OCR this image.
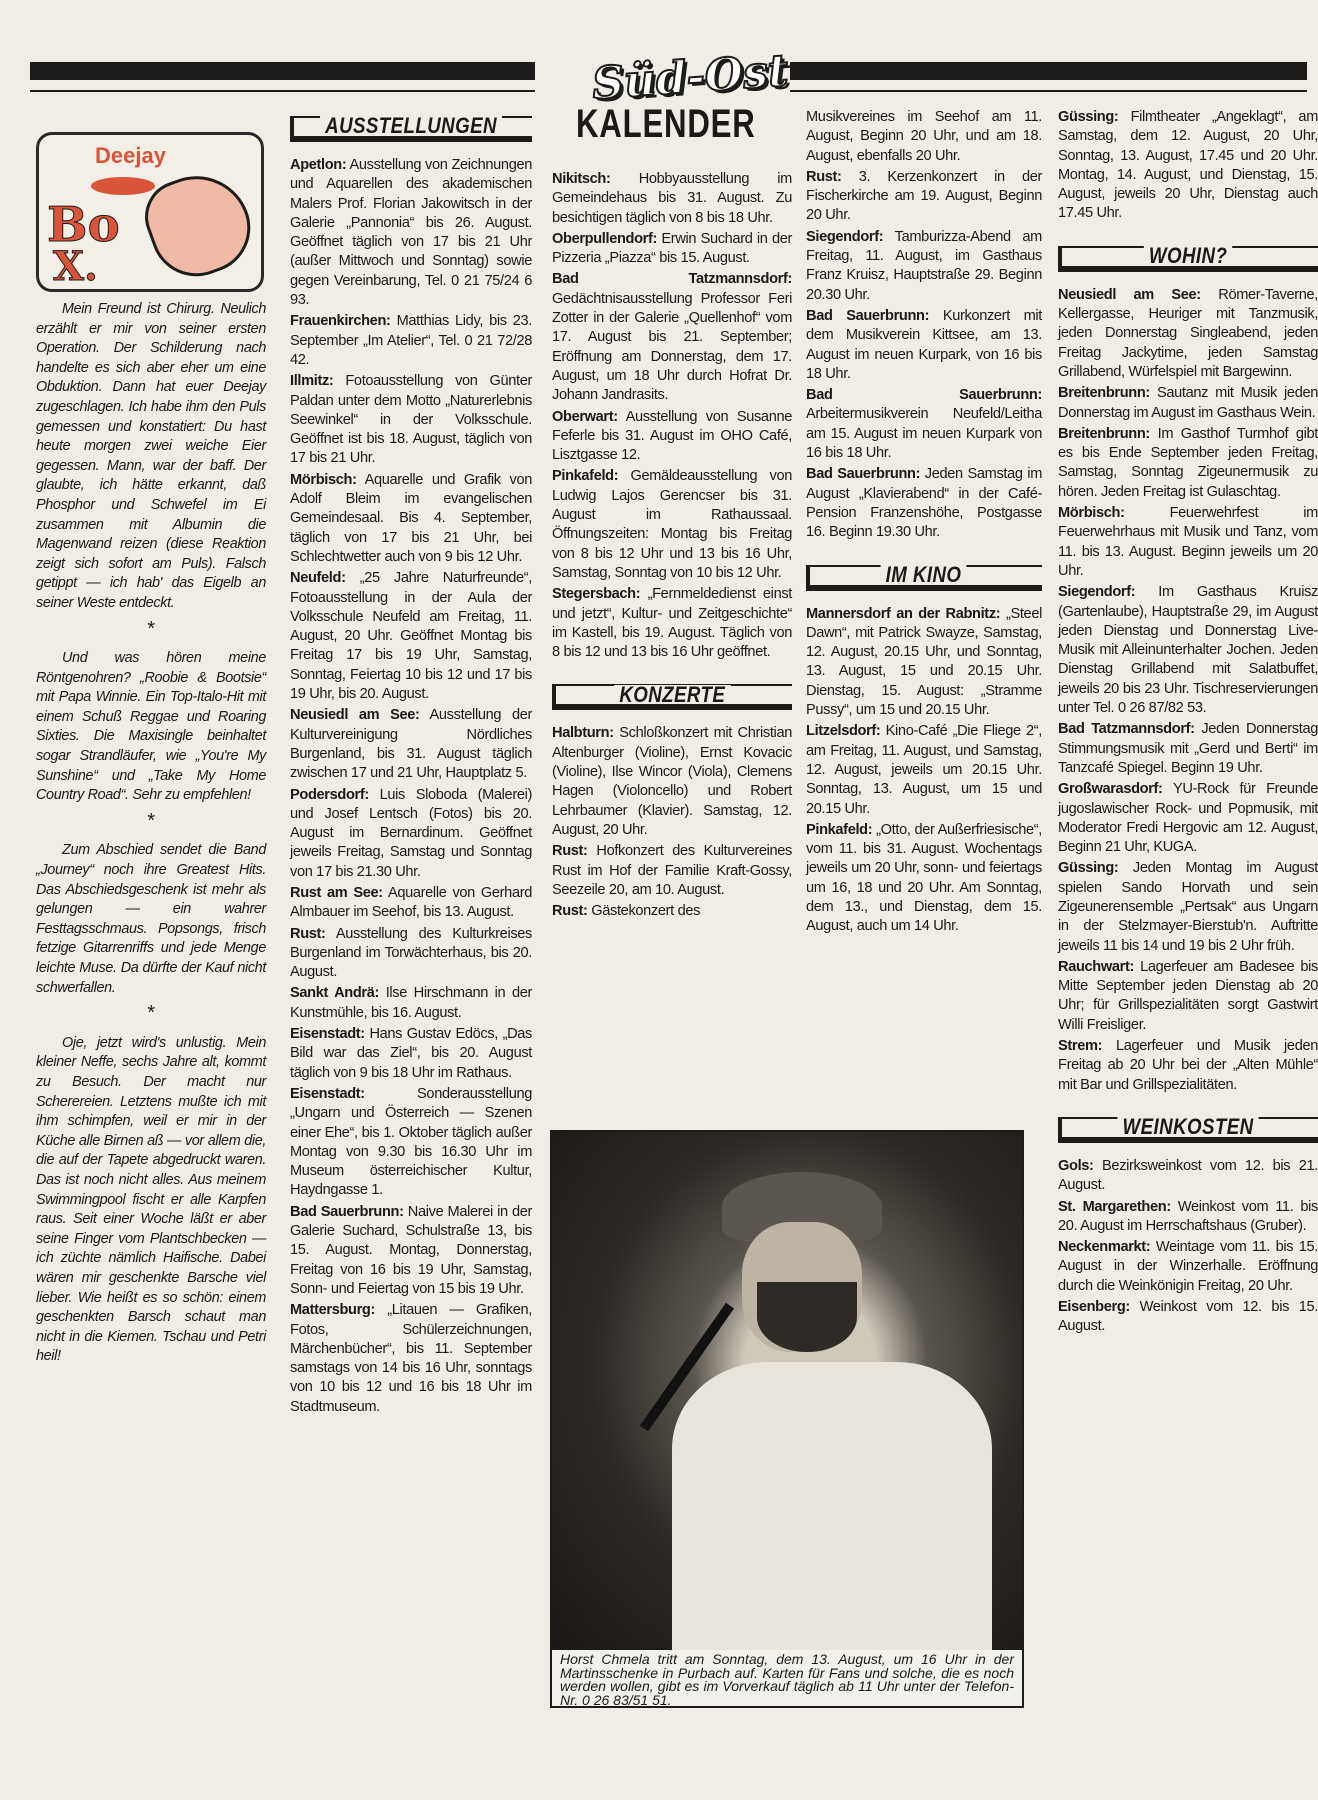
Süd-Ost
KALENDER
Deejay
Bo
X.

Mein Freund ist Chirurg. Neulich erzählt er mir von seiner ersten Operation. Der Schilderung nach handelte es sich aber eher um eine Obduktion. Dann hat euer Deejay zugeschlagen. Ich habe ihm den Puls gemessen und konstatiert: Du hast heute morgen zwei weiche Eier gegessen. Mann, war der baff. Der glaubte, ich hätte erkannt, daß Phosphor und Schwefel im Ei zusammen mit Albumin die Magenwand reizen (diese Reaktion zeigt sich sofort am Puls). Falsch getippt — ich hab' das Eigelb an seiner Weste entdeckt.

*

Und was hören meine Röntgenohren? „Roobie & Bootsie“ mit Papa Winnie. Ein Top-Italo-Hit mit einem Schuß Reggae und Roaring Sixties. Die Maxisingle beinhaltet sogar Strandläufer, wie „You're My Sunshine“ und „Take My Home Country Road“. Sehr zu empfehlen!

*

Zum Abschied sendet die Band „Journey“ noch ihre Greatest Hits. Das Abschiedsgeschenk ist mehr als gelungen — ein wahrer Festtagsschmaus. Popsongs, frisch fetzige Gitarrenriffs und jede Menge leichte Muse. Da dürfte der Kauf nicht schwerfallen.

*

Oje, jetzt wird's unlustig. Mein kleiner Neffe, sechs Jahre alt, kommt zu Besuch. Der macht nur Scherereien. Letztens mußte ich mit ihm schimpfen, weil er mir in der Küche alle Birnen aß — vor allem die, die auf der Tapete abgedruckt waren. Das ist noch nicht alles. Aus meinem Swimmingpool fischt er alle Karpfen raus. Seit einer Woche läßt er aber seine Finger vom Plantschbecken — ich züchte nämlich Haifische. Dabei wären mir geschenkte Barsche viel lieber. Wie heißt es so schön: einem geschenkten Barsch schaut man nicht in die Kiemen. Tschau und Petri heil!

AUSSTELLUNGEN

Apetlon: Ausstellung von Zeichnungen und Aquarellen des akademischen Malers Prof. Florian Jakowitsch in der Galerie „Pannonia“ bis 26. August. Geöffnet täglich von 17 bis 21 Uhr (außer Mittwoch und Sonntag) sowie gegen Vereinbarung, Tel. 0 21 75/24 6 93.

Frauenkirchen: Matthias Lidy, bis 23. September „Im Atelier“, Tel. 0 21 72/28 42.

Illmitz: Fotoausstellung von Günter Paldan unter dem Motto „Naturerlebnis Seewinkel“ in der Volksschule. Geöffnet ist bis 18. August, täglich von 17 bis 21 Uhr.

Mörbisch: Aquarelle und Grafik von Adolf Bleim im evangelischen Gemeindesaal. Bis 4. September, täglich von 17 bis 21 Uhr, bei Schlechtwetter auch von 9 bis 12 Uhr.

Neufeld: „25 Jahre Naturfreunde“, Fotoausstellung in der Aula der Volksschule Neufeld am Freitag, 11. August, 20 Uhr. Geöffnet Montag bis Freitag 17 bis 19 Uhr, Samstag, Sonntag, Feiertag 10 bis 12 und 17 bis 19 Uhr, bis 20. August.

Neusiedl am See: Ausstellung der Kulturvereinigung Nördliches Burgenland, bis 31. August täglich zwischen 17 und 21 Uhr, Hauptplatz 5.

Podersdorf: Luis Sloboda (Malerei) und Josef Lentsch (Fotos) bis 20. August im Bernardinum. Geöffnet jeweils Freitag, Samstag und Sonntag von 17 bis 21.30 Uhr.

Rust am See: Aquarelle von Gerhard Almbauer im Seehof, bis 13. August.

Rust: Ausstellung des Kulturkreises Burgenland im Torwächterhaus, bis 20. August.

Sankt Andrä: Ilse Hirschmann in der Kunstmühle, bis 16. August.

Eisenstadt: Hans Gustav Edöcs, „Das Bild war das Ziel“, bis 20. August täglich von 9 bis 18 Uhr im Rathaus.

Eisenstadt:	Sonderausstellung „Ungarn und Österreich — Szenen einer Ehe“, bis 1. Oktober täglich außer Montag von 9.30 bis 16.30 Uhr im Museum österreichischer Kultur, Haydngasse 1.

Bad Sauerbrunn: Naive Malerei in der Galerie Suchard, Schulstraße 13, bis 15. August. Montag, Donnerstag, Freitag von 16 bis 19 Uhr, Samstag, Sonn- und Feiertag von 15 bis 19 Uhr.

Mattersburg: „Litauen — Grafiken, Fotos, Schülerzeichnungen, Märchenbücher“, bis 11. September samstags von 14 bis 16 Uhr, sonntags von 10 bis 12 und 16 bis 18 Uhr im Stadtmuseum.

Nikitsch: Hobbyausstellung im Gemeindehaus bis 31. August. Zu besichtigen täglich von 8 bis 18 Uhr.

Oberpullendorf: Erwin Suchard in der Pizzeria „Piazza“ bis 15. August.

Bad Tatzmannsdorf: Gedächtnisausstellung Professor Feri Zotter in der Galerie „Quellenhof“ vom 17. August bis 21. September; Eröffnung am Donnerstag, dem 17. August, um 18 Uhr durch Hofrat Dr. Johann Jandrasits.

Oberwart: Ausstellung von Susanne Feferle bis 31. August im OHO Café, Lisztgasse 12.

Pinkafeld: Gemäldeausstellung von Ludwig Lajos Gerencser bis 31. August im Rathaussaal. Öffnungszeiten: Montag bis Freitag von 8 bis 12 Uhr und 13 bis 16 Uhr, Samstag, Sonntag von 10 bis 12 Uhr.

Stegersbach: „Fernmeldedienst einst und jetzt“, Kultur- und Zeitgeschichte“ im Kastell, bis 19. August. Täglich von 8 bis 12 und 13 bis 16 Uhr geöffnet.

KONZERTE

Halbturn: Schloßkonzert mit Christian Altenburger (Violine), Ernst Kovacic (Violine), Ilse Wincor (Viola), Clemens Hagen (Violoncello) und Robert Lehrbaumer (Klavier). Samstag, 12. August, 20 Uhr.

Rust: Hofkonzert des Kulturvereines Rust im Hof der Familie Kraft-Gossy, Seezeile 20, am 10. August.

Rust: Gästekonzert des

Musikvereines im Seehof am 11. August, Beginn 20 Uhr, und am 18. August, ebenfalls 20 Uhr.

Rust: 3. Kerzenkonzert in der Fischerkirche am 19. August, Beginn 20 Uhr.

Siegendorf: Tamburizza-Abend am Freitag, 11. August, im Gasthaus Franz Kruisz, Hauptstraße 29. Beginn 20.30 Uhr.

Bad Sauerbrunn: Kurkonzert mit dem Musikverein Kittsee, am 13. August im neuen Kurpark, von 16 bis 18 Uhr.

Bad Sauerbrunn: Arbeitermusikverein Neufeld/Leitha am 15. August im neuen Kurpark von 16 bis 18 Uhr.

Bad Sauerbrunn: Jeden Samstag im August „Klavierabend“ in der Café-Pension Franzenshöhe, Postgasse 16. Beginn 19.30 Uhr.

IM KINO

Mannersdorf an der Rabnitz: „Steel Dawn“, mit Patrick Swayze, Samstag, 12. August, 20.15 Uhr, und Sonntag, 13. August, 15 und 20.15 Uhr. Dienstag, 15. August: „Stramme Pussy“, um 15 und 20.15 Uhr.

Litzelsdorf: Kino-Café „Die Fliege 2“, am Freitag, 11. August, und Samstag, 12. August, jeweils um 20.15 Uhr. Sonntag, 13. August, um 15 und 20.15 Uhr.

Pinkafeld: „Otto, der Außerfriesische“, vom 11. bis 31. August. Wochentags jeweils um 20 Uhr, sonn- und feiertags um 16, 18 und 20 Uhr. Am Sonntag, dem 13., und Dienstag, dem 15. August, auch um 14 Uhr.

Güssing: Filmtheater „Angeklagt“, am Samstag, dem 12. August, 20 Uhr, Sonntag, 13. August, 17.45 und 20 Uhr. Montag, 14. August, und Dienstag, 15. August, jeweils 20 Uhr, Dienstag auch 17.45 Uhr.

WOHIN?

Neusiedl am See: Römer-Taverne, Kellergasse, Heuriger mit Tanzmusik, jeden Donnerstag Singleabend, jeden Freitag Jackytime, jeden Samstag Grillabend, Würfelspiel mit Bargewinn.

Breitenbrunn: Sautanz mit Musik jeden Donnerstag im August im Gasthaus Wein.

Breitenbrunn: Im Gasthof Turmhof gibt es bis Ende September jeden Freitag, Samstag, Sonntag Zigeunermusik zu hören. Jeden Freitag ist Gulaschtag.

Mörbisch:	Feuerwehrfest im Feuerwehrhaus mit Musik und Tanz, vom 11. bis 13. August. Beginn jeweils um 20 Uhr.

Siegendorf: Im Gasthaus Kruisz (Gartenlaube), Hauptstraße 29, im August jeden Dienstag und Donnerstag Live-Musik mit Alleinunterhalter Jochen. Jeden Dienstag Grillabend mit Salatbuffet, jeweils 20 bis 23 Uhr. Tischreservierungen unter Tel. 0 26 87/82 53.

Bad Tatzmannsdorf: Jeden Donnerstag Stimmungsmusik mit „Gerd und Berti“ im Tanzcafé Spiegel. Beginn 19 Uhr.

Großwarasdorf: YU-Rock für Freunde jugoslawischer Rock- und Popmusik, mit Moderator Fredi Hergovic am 12. August, Beginn 21 Uhr, KUGA.

Güssing: Jeden Montag im August spielen Sando Horvath und sein Zigeunerensemble „Pertsak“ aus Ungarn in der Stelzmayer-Bierstub'n. Auftritte jeweils 11 bis 14 und 19 bis 2 Uhr früh.

Rauchwart: Lagerfeuer am Badesee bis Mitte September jeden Dienstag ab 20 Uhr; für Grillspezialitäten sorgt Gastwirt Willi Freisliger.

Strem: Lagerfeuer und Musik jeden Freitag ab 20 Uhr bei der „Alten Mühle“ mit Bar und Grillspezialitäten.

WEINKOSTEN

Gols: Bezirksweinkost vom 12. bis 21. August.

St. Margarethen: Weinkost vom 11. bis 20. August im Herrschaftshaus (Gruber).

Neckenmarkt: Weintage vom 11. bis 15. August in der Winzerhalle. Eröffnung durch die Weinkönigin Freitag, 20 Uhr.

Eisenberg: Weinkost vom 12. bis 15. August.

Horst Chmela tritt am Sonntag, dem 13. August, um 16 Uhr in der Martinsschenke in Purbach auf. Karten für Fans und solche, die es noch werden wollen, gibt es im Vorverkauf täglich ab 11 Uhr unter der Telefon-Nr. 0 26 83/51 51.
